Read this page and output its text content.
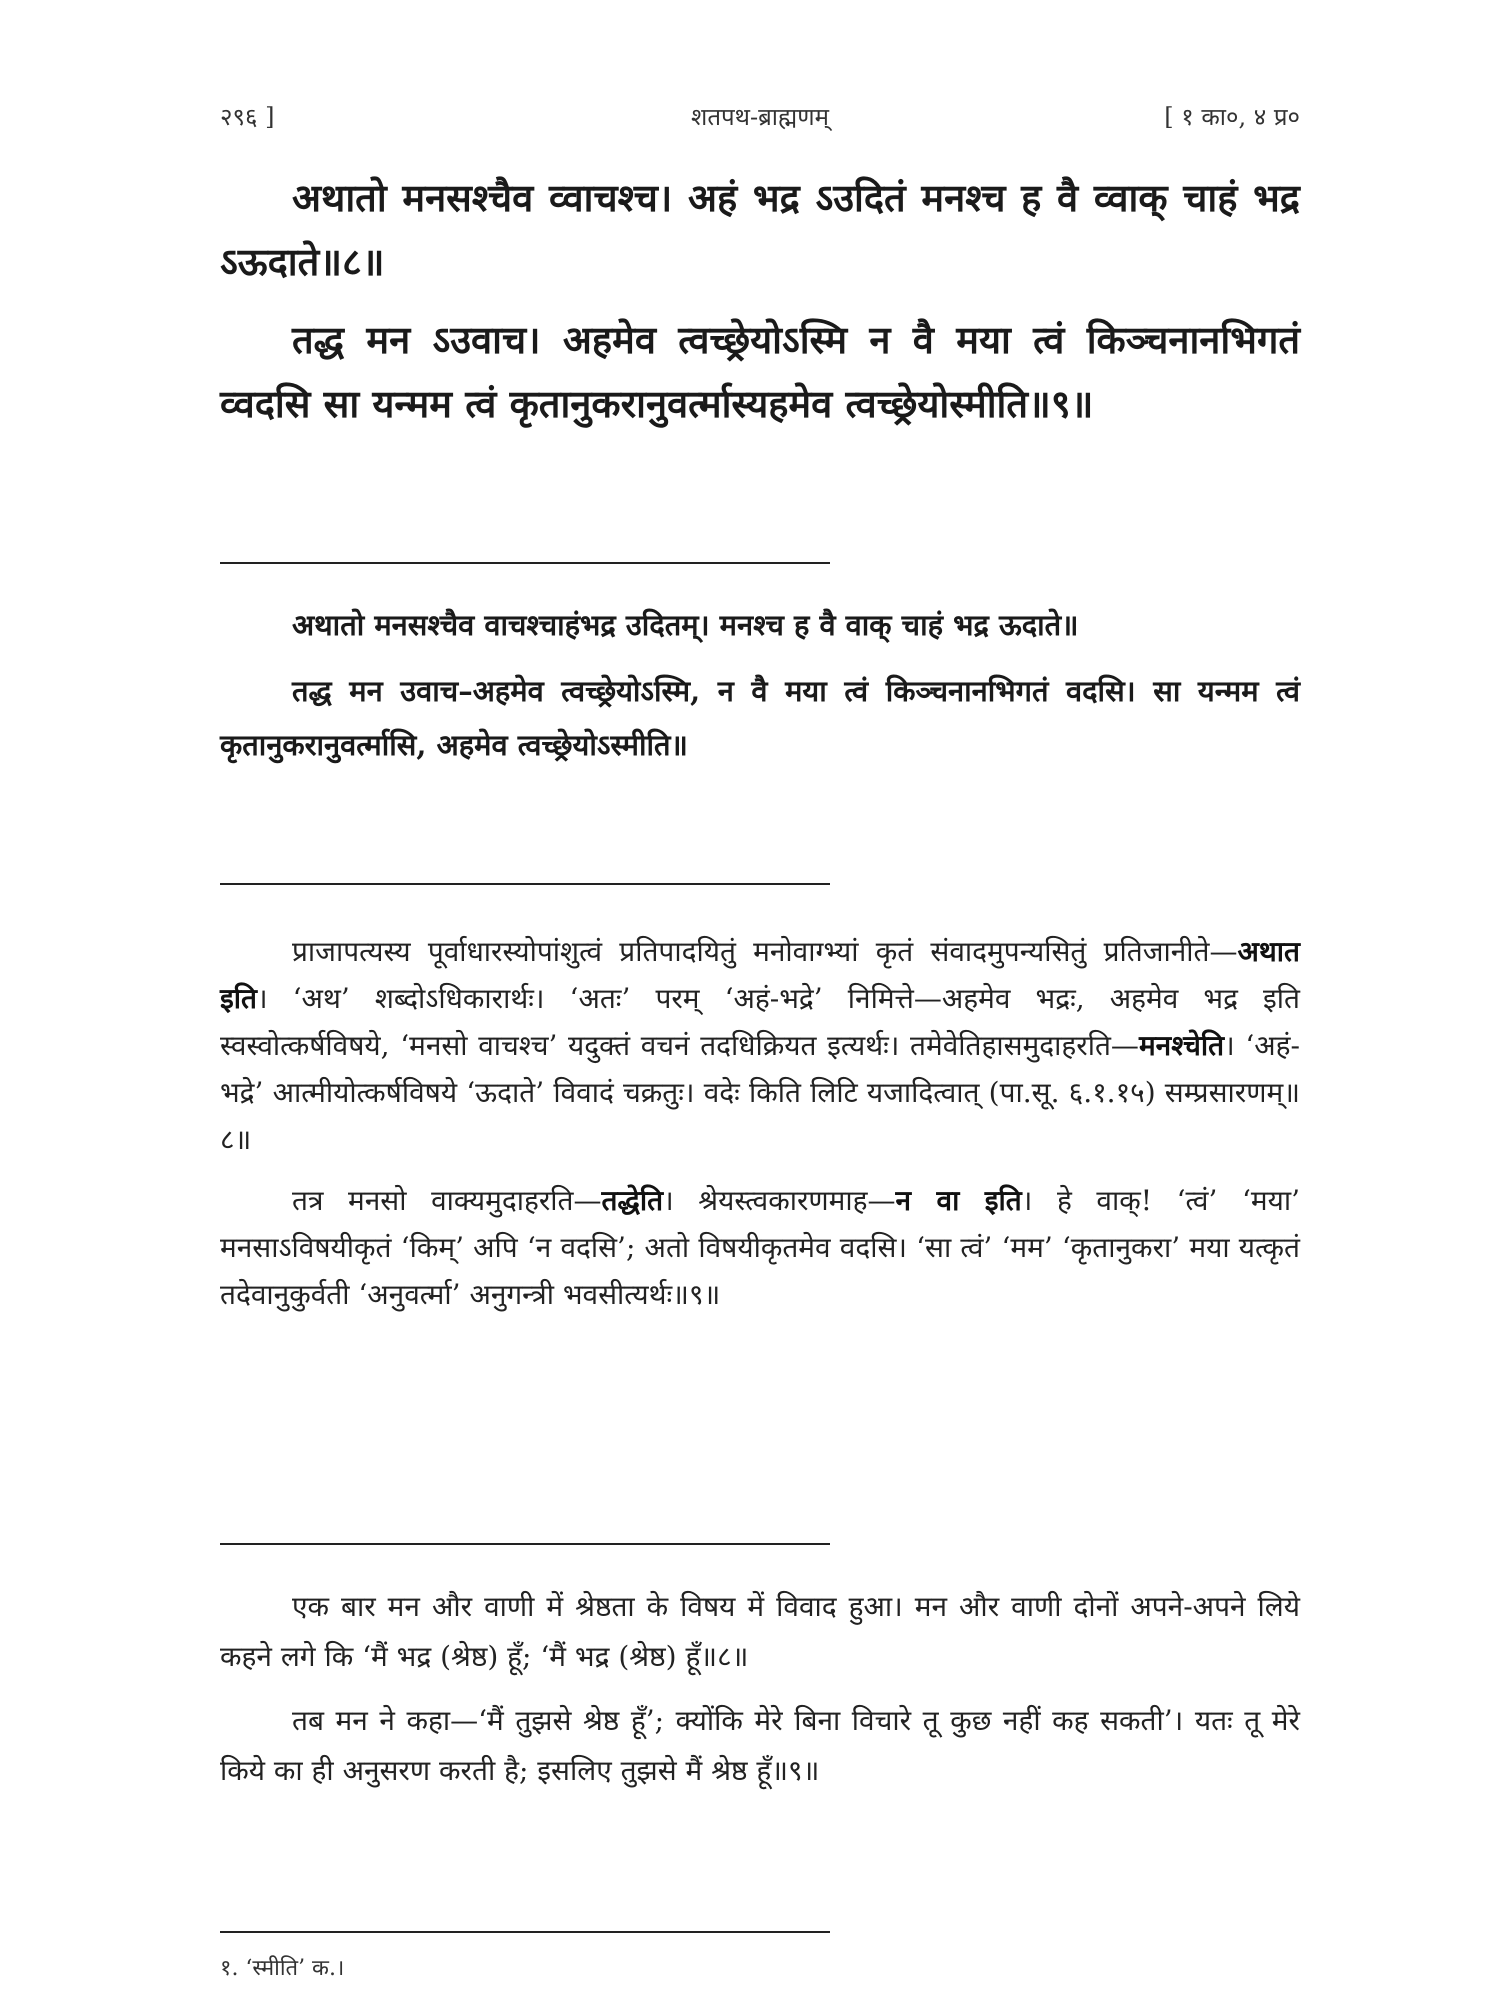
२९६ ]	शतपथ-ब्राह्मणम्	[ १ का०, ४ प्र०

अथातो मनसश्चैव व्वाचश्च। अहं भद्र ऽउदितं मनश्च ह वै व्वाक् चाहं भद्र ऽऊदाते॥८॥

तद्ध मन ऽउवाच। अहमेव त्वच्छ्रेयोऽस्मि न वै मया त्वं किञ्चनानभिगतं व्वदसि सा यन्मम त्वं कृतानुकरानुवर्त्मास्यहमेव त्वच्छ्रेयोस्मीति॥९॥

अथातो मनसश्चैव वाचश्चाहंभद्र उदितम्। मनश्च ह वै वाक् चाहं भद्र ऊदाते॥

तद्ध मन उवाच–अहमेव त्वच्छ्रेयोऽस्मि, न वै मया त्वं किञ्चनानभिगतं वदसि। सा यन्मम त्वं कृतानुकरानुवर्त्मासि, अहमेव त्वच्छ्रेयोऽस्मीति॥

प्राजापत्यस्य पूर्वाधारस्योपांशुत्वं प्रतिपादयितुं मनोवाग्भ्यां कृतं संवादमुपन्यसितुं प्रतिजानीते—अथात इति। ‘अथ’ शब्दोऽधिकारार्थः। ‘अतः’ परम् ‘अहं-भद्रे’ निमित्ते—अहमेव भद्रः, अहमेव भद्र इति स्वस्वोत्कर्षविषये, ‘मनसो वाचश्च’ यदुक्तं वचनं तदधिक्रियत इत्यर्थः। तमेवेतिहासमुदाहरति—मनश्चेति। ‘अहं-भद्रे’ आत्मीयोत्कर्षविषये ‘ऊदाते’ विवादं चक्रतुः। वदेः किति लिटि यजादित्वात् (पा.सू. ६.१.१५) सम्प्रसारणम्॥८॥

तत्र मनसो वाक्यमुदाहरति—तद्धेति। श्रेयस्त्वकारणमाह—न वा इति। हे वाक्! ‘त्वं’ ‘मया’ मनसाऽविषयीकृतं ‘किम्’ अपि ‘न वदसि’; अतो विषयीकृतमेव वदसि। ‘सा त्वं’ ‘मम’ ‘कृतानुकरा’ मया यत्कृतं तदेवानुकुर्वती ‘अनुवर्त्मा’ अनुगन्त्री भवसीत्यर्थः॥९॥

एक बार मन और वाणी में श्रेष्ठता के विषय में विवाद हुआ। मन और वाणी दोनों अपने-अपने लिये कहने लगे कि ‘मैं भद्र (श्रेष्ठ) हूँ; ‘मैं भद्र (श्रेष्ठ) हूँ॥८॥

तब मन ने कहा—‘मैं तुझसे श्रेष्ठ हूँ’; क्योंकि मेरे बिना विचारे तू कुछ नहीं कह सकती’। यतः तू मेरे किये का ही अनुसरण करती है; इसलिए तुझसे मैं श्रेष्ठ हूँ॥९॥

१. ‘स्मीति’ क.।
